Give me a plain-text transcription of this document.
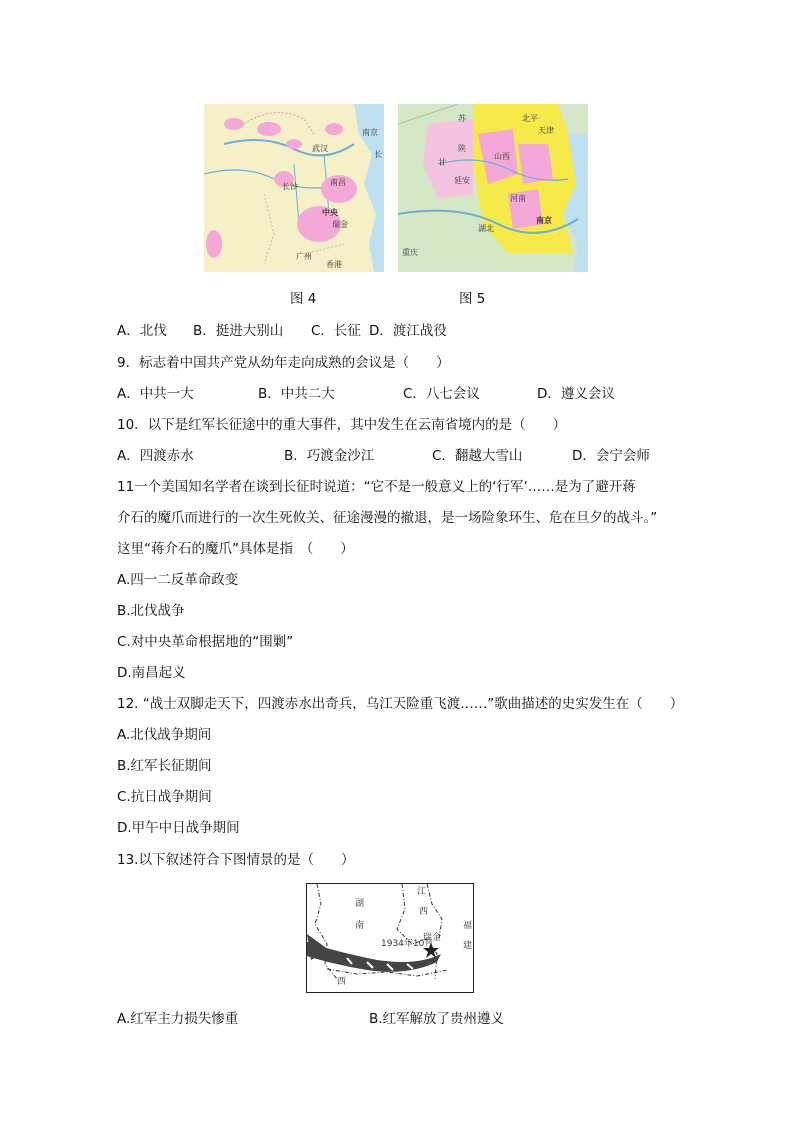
南京
武汉
长沙	南昌
中央
瑞金
广州
香港
长
北平
天津
延安
南京
重庆
苏
甘
陕
山西
河南
湖北
图 4	图 5
A．北伐 B．挺进大别山 C．长征 D．渡江战役
9．标志着中国共产党从幼年走向成熟的会议是（　　）
A．中共一大	B．中共二大	C．八七会议	D．遵义会议
10．以下是红军长征途中的重大事件，其中发生在云南省境内的是（　　）
A．四渡赤水	B．巧渡金沙江	C．翻越大雪山	D．会宁会师
11一个美国知名学者在谈到长征时说道：“它不是一般意义上的‘行军’……是为了避开蒋
介石的魔爪而进行的一次生死攸关、征途漫漫的撤退，是一场险象环生、危在旦夕的战斗。”
这里“蒋介石的魔爪”具体是指　（　　）
A.四一二反革命政变
B.北伐战争
C.对中央革命根据地的“围剿”
D.南昌起义
12. “战士双脚走天下，四渡赤水出奇兵，乌江天险重飞渡……”歌曲描述的史实发生在（　　）
A.北伐战争期间
B.红军长征期间
C.抗日战争期间
D.甲午中日战争期间
13.以下叙述符合下图情景的是（　　）
湖
南
江
西
福
建
西
瑞金
1934年10月
A.红军主力损失惨重	B.红军解放了贵州遵义
